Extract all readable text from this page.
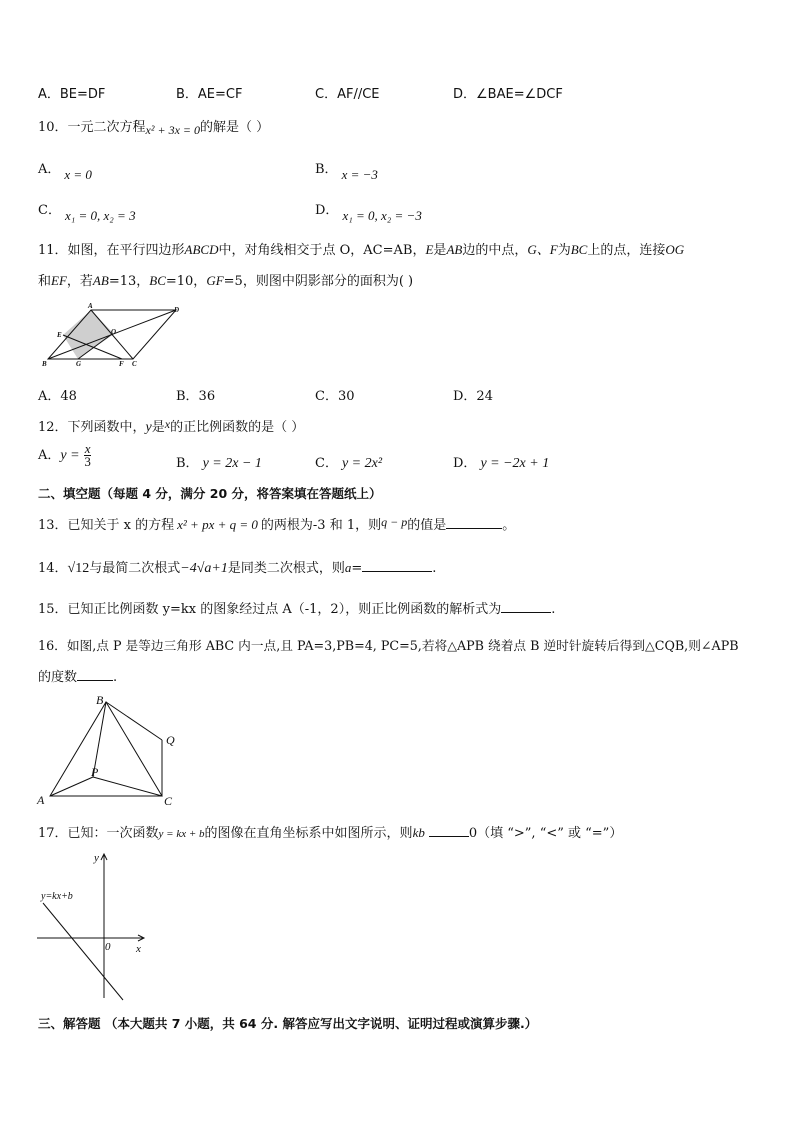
A．BE=DF	B．AE=CF	C．AF//CE	D．∠BAE=∠DCF
10．一元二次方程x² + 3x = 0的解是（ ）
A． x = 0	B． x = −3
C． x₁ = 0, x₂ = 3	D． x₁ = 0, x₂ = −3
11．如图，在平行四边形ABCD中，对角线相交于点 O，AC=AB，E是AB边的中点，G、F为BC上的点，连接OG
和EF，若AB=13，BC=10，GF=5，则图中阴影部分的面积为( )
A	D
E	O
B	G	F C
A．48	B．36	C．30	D．24
12．下列函数中，y是x的正比例函数的是（ ）
A．$y = \frac{x}{3}$	B． y = 2x − 1	C． y = 2x²	D． y = −2x + 1
二、填空题（每题 4 分，满分 20 分，将答案填在答题纸上）
13．已知关于 x 的方程 x² + px + q = 0 的两根为-3 和 1，则q − p的值是	。
14．√12与最简二次根式−4√a+1是同类二次根式，则a=	.
15．已知正比例函数 y=kx 的图象经过点 A（-1，2），则正比例函数的解析式为	.
16．如图,点 P 是等边三角形 ABC 内一点,且 PA=3,PB=4, PC=5,若将△APB 绕着点 B 逆时针旋转后得到△CQB,则∠APB
的度数	.
B
Q
P
A	C
17．已知：一次函数y = kx + b的图像在直角坐标系中如图所示，则kb	0（填 “>”, “<” 或 “=”）
y
x
0
y=kx+b
三、解答题 （本大题共 7 小题，共 64 分. 解答应写出文字说明、证明过程或演算步骤.）
